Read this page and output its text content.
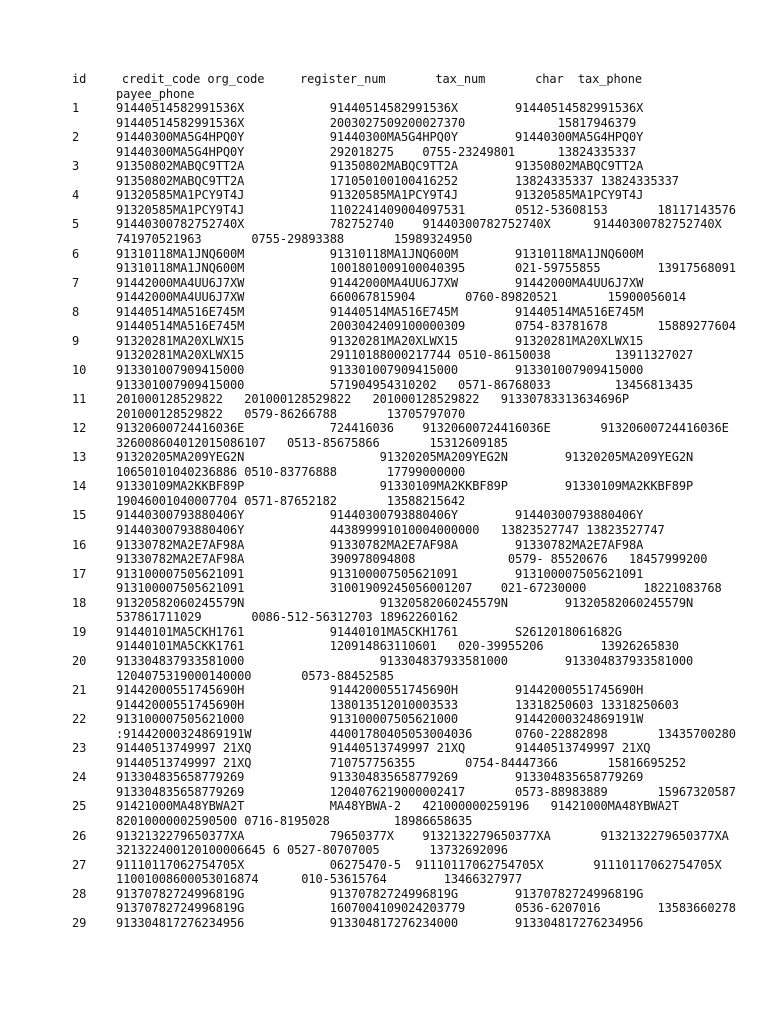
id     credit_code org_code     register_num       tax_num       char  tax_phone
payee_phone
1	91440514582991536X            91440514582991536X        91440514582991536X
91440514582991536X            2003027509200027370             15817946379
2	91440300MA5G4HPQ0Y            91440300MA5G4HPQ0Y        91440300MA5G4HPQ0Y
91440300MA5G4HPQ0Y            292018275    0755-23249801      13824335337
3	91350802MABQC9TT2A            91350802MABQC9TT2A        91350802MABQC9TT2A
91350802MABQC9TT2A            171050100100416252        13824335337 13824335337
4	91320585MA1PCY9T4J            91320585MA1PCY9T4J        91320585MA1PCY9T4J
91320585MA1PCY9T4J            1102241409004097531       0512-53608153       18117143576
5	91440300782752740X            782752740    91440300782752740X      91440300782752740X
741970521963       0755-29893388       15989324950
6	91310118MA1JNQ600M            91310118MA1JNQ600M        91310118MA1JNQ600M
91310118MA1JNQ600M            1001801009100040395       021-59755855        13917568091
7	91442000MA4UU6J7XW            91442000MA4UU6J7XW        91442000MA4UU6J7XW
91442000MA4UU6J7XW            660067815904       0760-89820521       15900056014
8	91440514MA516E745M            91440514MA516E745M        91440514MA516E745M
91440514MA516E745M            2003042409100000309       0754-83781678       15889277604
9	91320281MA20XLWX15            91320281MA20XLWX15        91320281MA20XLWX15
91320281MA20XLWX15            29110188000217744 0510-86150038         13911327027
10 913301007909415000            913301007909415000        913301007909415000
913301007909415000            571904954310202   0571-86768033         13456813435
11 201000128529822   201000128529822   201000128529822   91330783313634696P
201000128529822   0579-86266788       13705797070
12 91320600724416036E            724416036    91320600724416036E       91320600724416036E
326008604012015086107   0513-85675866       15312609185
13 91320205MA209YEG2N                   91320205MA209YEG2N        91320205MA209YEG2N
10650101040236886 0510-83776888       17799000000
14 91330109MA2KKBF89P                   91330109MA2KKBF89P        91330109MA2KKBF89P
19046001040007704 0571-87652182       13588215642
15 91440300793880406Y            91440300793880406Y        91440300793880406Y
91440300793880406Y            443899991010004000000   13823527747 13823527747
16 91330782MA2E7AF98A            91330782MA2E7AF98A        91330782MA2E7AF98A
91330782MA2E7AF98A            390978094808             0579- 85520676   18457999200
17 913100007505621091            913100007505621091        913100007505621091
913100007505621091            31001909245056001207    021-67230000        18221083768
18 91320582060245579N                   91320582060245579N        91320582060245579N
537861711029       0086-512-56312703 18962260162
19 91440101MA5CKH1761            91440101MA5CKH1761        S2612018061682G
91440101MA5CKK1761            120914863110601   020-39955206        13926265830
20 913304837933581000                   913304837933581000        913304837933581000
1204075319000140000       0573-88452585
21 91442000551745690H            91442000551745690H        91442000551745690H
91442000551745690H            138013512010003533        13318250603 13318250603
22 913100007505621000            913100007505621000        91442000324869191W
:91442000324869191W           44001780405053004036      0760-22882898       13435700280
23 91440513749997 21XQ           91440513749997 21XQ       91440513749997 21XQ
91440513749997 21XQ           710757756355       0754-84447366       15816695252
24 913304835658779269            913304835658779269        913304835658779269
913304835658779269            1204076219000002417       0573-88983889       15967320587
25 91421000MA48YBWA2T            MA48YBWA-2   421000000259196   91421000MA48YBWA2T
82010000002590500 0716-8195028         18986658635
26 9132132279650377XA            79650377X    9132132279650377XA       9132132279650377XA
321322400120100006645 6 0527-80707005       13732692096
27 91110117062754705X            06275470-5  91110117062754705X       91110117062754705X
11001008600053016874      010-53615764        13466327977
28 91370782724996819G            91370782724996819G        91370782724996819G
91370782724996819G            1607004109024203779       0536-6207016        13583660278
29 913304817276234956            913304817276234000        913304817276234956
